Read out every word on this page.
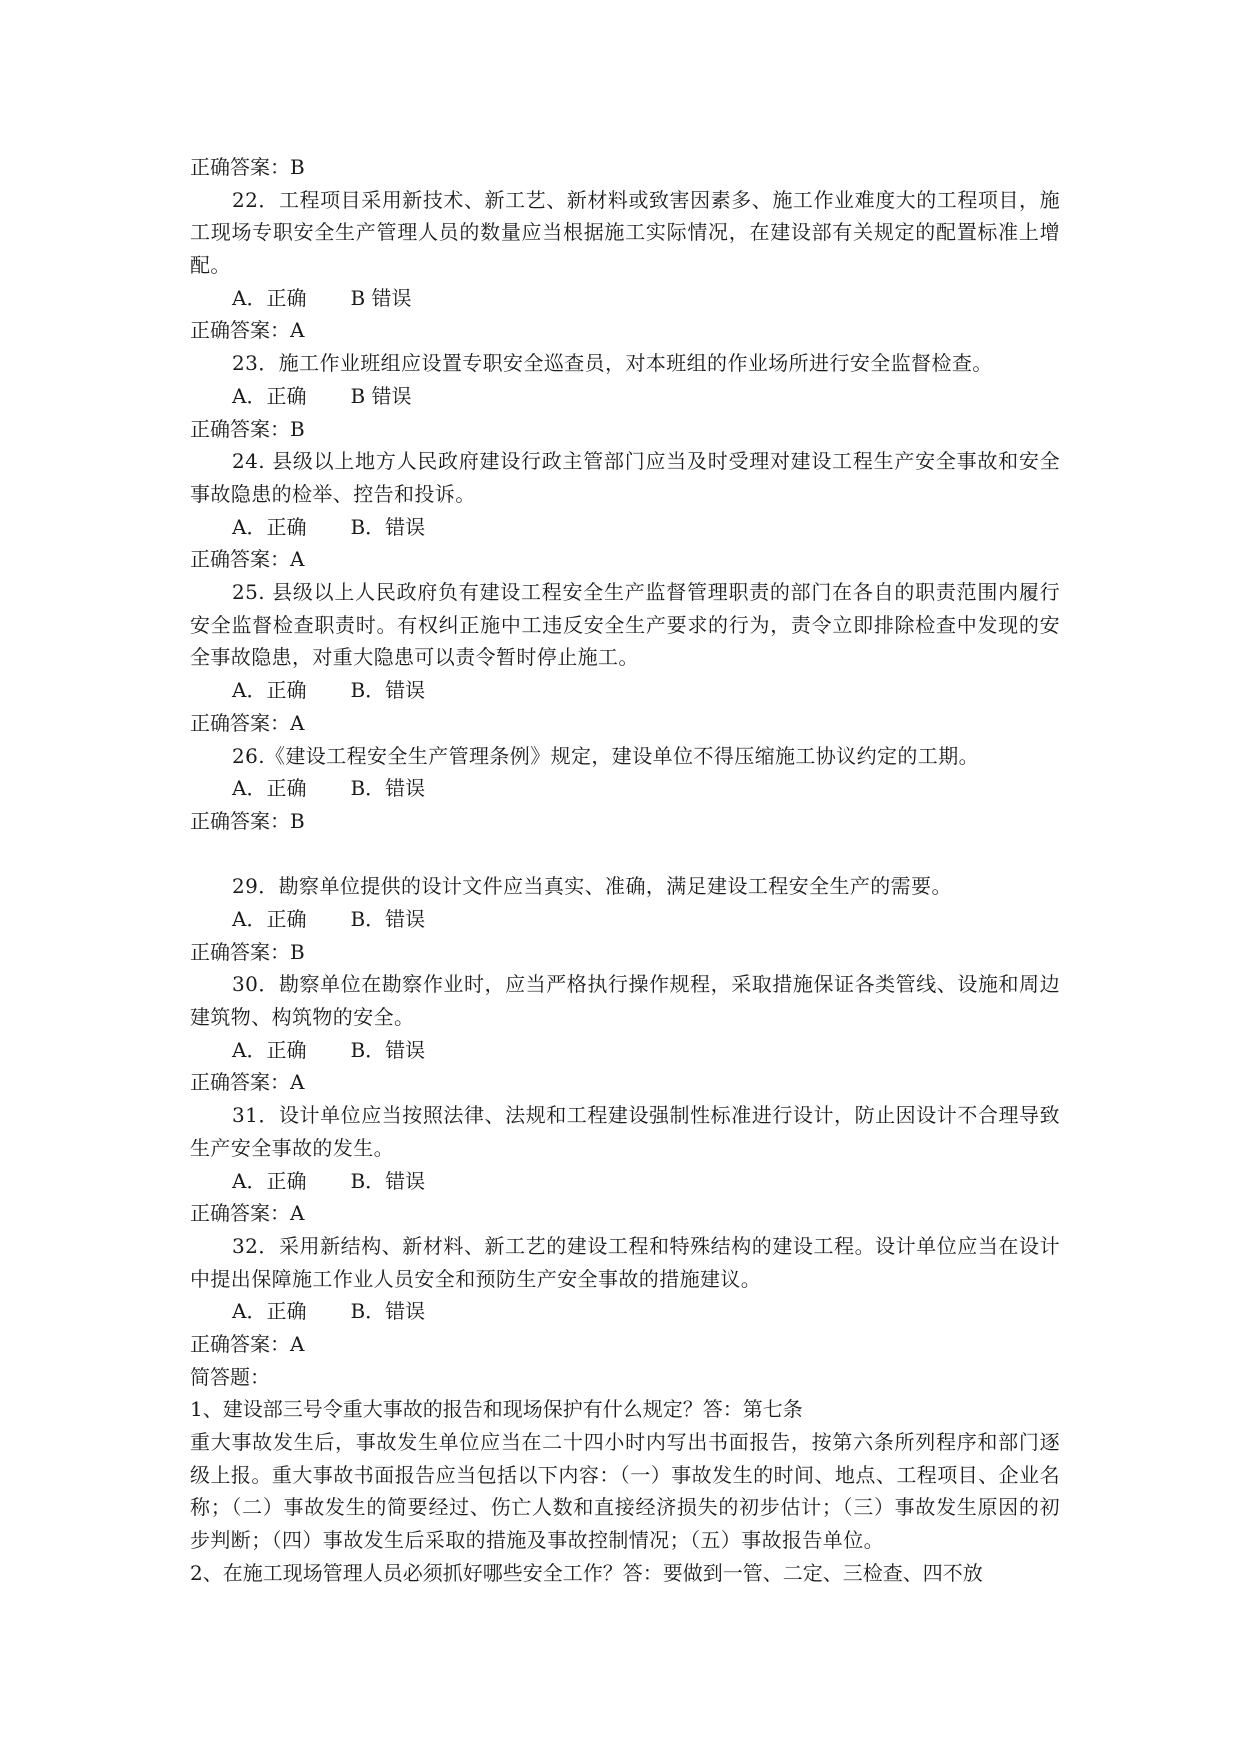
正确答案：B
22．工程项目采用新技术、新工艺、新材料或致害因素多、施工作业难度大的工程项目，施工现场专职安全生产管理人员的数量应当根据施工实际情况，在建设部有关规定的配置标准上增配。
A．正确 B 错误
正确答案：A
23．施工作业班组应设置专职安全巡查员，对本班组的作业场所进行安全监督检查。
A．正确 B 错误
正确答案：B
24. 县级以上地方人民政府建设行政主管部门应当及时受理对建设工程生产安全事故和安全事故隐患的检举、控告和投诉。
A．正确 B．错误
正确答案：A
25. 县级以上人民政府负有建设工程安全生产监督管理职责的部门在各自的职责范围内履行安全监督检查职责时。有权纠正施中工违反安全生产要求的行为，责令立即排除检查中发现的安全事故隐患，对重大隐患可以责令暂时停止施工。
A．正确 B．错误
正确答案：A
26.《建设工程安全生产管理条例》规定，建设单位不得压缩施工协议约定的工期。
A．正确 B．错误
正确答案：B
29．勘察单位提供的设计文件应当真实、准确，满足建设工程安全生产的需要。
A．正确 B．错误
正确答案：B
30．勘察单位在勘察作业时，应当严格执行操作规程，采取措施保证各类管线、设施和周边建筑物、构筑物的安全。
A．正确 B．错误
正确答案：A
31．设计单位应当按照法律、法规和工程建设强制性标准进行设计，防止因设计不合理导致生产安全事故的发生。
A．正确 B．错误
正确答案：A
32．采用新结构、新材料、新工艺的建设工程和特殊结构的建设工程。设计单位应当在设计中提出保障施工作业人员安全和预防生产安全事故的措施建议。
A．正确 B．错误
正确答案：A
简答题：
1、建设部三号令重大事故的报告和现场保护有什么规定？答：第七条
重大事故发生后，事故发生单位应当在二十四小时内写出书面报告，按第六条所列程序和部门逐级上报。重大事故书面报告应当包括以下内容：（一）事故发生的时间、地点、工程项目、企业名称；（二）事故发生的简要经过、伤亡人数和直接经济损失的初步估计；（三）事故发生原因的初步判断；（四）事故发生后采取的措施及事故控制情况；（五）事故报告单位。
2、在施工现场管理人员必须抓好哪些安全工作？答：要做到一管、二定、三检查、四不放
